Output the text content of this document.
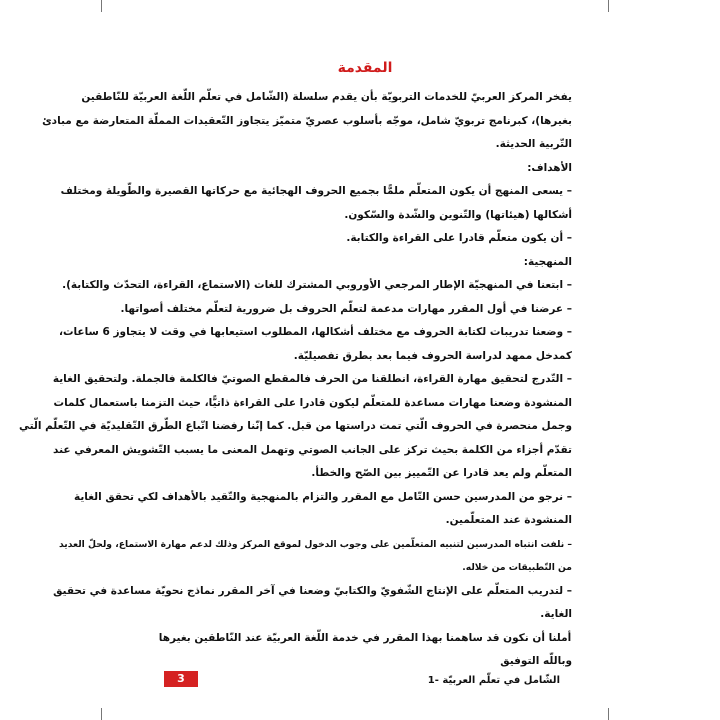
المقدمة
يفخر المركز العربيّ للخدمات التربويّة بأن يقدم سلسلة (الشّامل في تعلّم اللّغة العربيّة للنّاطقين
بغيرها)، كبرنامج تربويّ شامل، موجّه بأسلوب عصريّ متميّز يتجاوز التّعقيدات المملّة المتعارضة مع مبادئ
التّربية الحديثة.
الأهداف:
– يسعى المنهج أن يكون المتعلّم ملمًّا بجميع الحروف الهجائية مع حركاتها القصيرة والطّويلة ومختلف
أشكالها (هيئاتها) والتّنوين والشّدة والسّكون.
– أن يكون متعلّم قادرا على القراءة والكتابة.
المنهجية:
– ابتعنا في المنهجيّة الإطار المرجعي الأوروبي المشترك للغات (الاستماع، القراءة، التحدّث والكتابة).
– عرضنا في أول المقرر مهارات مدعمة لتعلّم الحروف بل ضرورية لتعلّم مختلف أصواتها.
– وضعنا تدريبات لكتابة الحروف مع مختلف أشكالها، المطلوب استيعابها في وقت لا يتجاوز 6 ساعات،
كمدخل ممهد لدراسة الحروف فيما بعد بطرق تفصيليّة.
– التّدرج لتحقيق مهارة القراءة، انطلقنا من الحرف فالمقطع الصوتيّ فالكلمة فالجملة. ولتحقيق الغاية
المنشودة وضعنا مهارات مساعدة للمتعلّم ليكون قادرا على القراءة ذاتيًّا، حيث التزمنا باستعمال كلمات
وجمل منحصرة في الحروف الّتي تمت دراستها من قبل. كما إنّنا رفضنا اتّباع الطّرق التّقليديّة في التّعلّم الّتي
تقدّم أجزاء من الكلمة بحيث تركز على الجانب الصوتي وتهمل المعنى ما يسبب التّشويش المعرفي عند
المتعلّم ولم يعد قادرا عن التّمييز بين الصّح والخطأ.
– نرجو من المدرسين حسن التّامل مع المقرر والتزام بالمنهجية والتّقيد بالأهداف لكي تحقق الغاية
المنشودة عند المتعلّمين.
– نلفت انتباه المدرسين لتنبيه المتعلّمين على وجوب الدخول لموقع المركز وذلك لدعم مهارة الاستماع، ولحلّ العديد
من التّطبيقات من خلاله.
– لتدريب المتعلّم على الإنتاج الشّفويّ والكتابيّ وضعنا في آخر المقرر نماذج نحويّة مساعدة في تحقيق
الغاية.
أملنا أن نكون قد ساهمنا بهذا المقرر في خدمة اللّغة العربيّة عند النّاطقين بغيرها
وباللّه التوفيق
الشّامل في تعلّم العربيّة -1
3
